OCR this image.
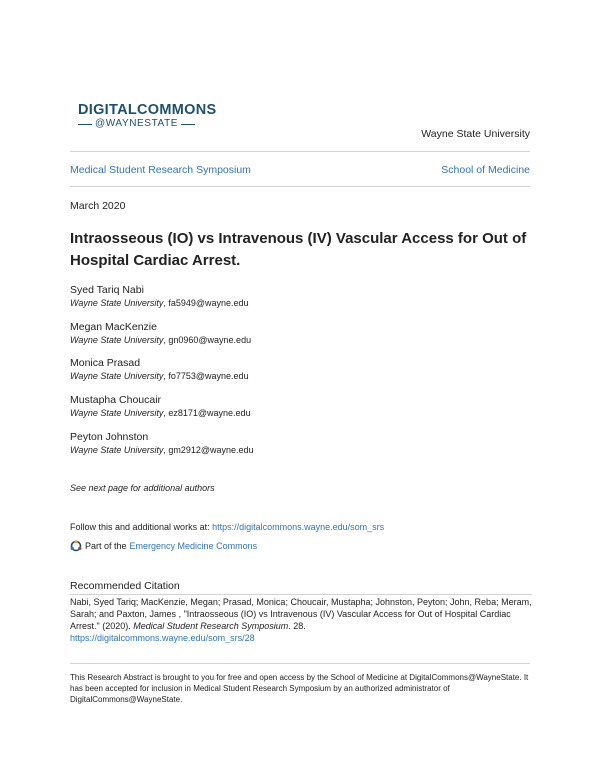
DIGITALCOMMONS
@WAYNESTATE
Wayne State University
Medical Student Research Symposium	School of Medicine
March 2020
Intraosseous (IO) vs Intravenous (IV) Vascular Access for Out of Hospital Cardiac Arrest.
Syed Tariq Nabi
Wayne State University, fa5949@wayne.edu
Megan MacKenzie
Wayne State University, gn0960@wayne.edu
Monica Prasad
Wayne State University, fo7753@wayne.edu
Mustapha Choucair
Wayne State University, ez8171@wayne.edu
Peyton Johnston
Wayne State University, gm2912@wayne.edu
See next page for additional authors
Follow this and additional works at: https://digitalcommons.wayne.edu/som_srs
Part of the Emergency Medicine Commons
Recommended Citation
Nabi, Syed Tariq; MacKenzie, Megan; Prasad, Monica; Choucair, Mustapha; Johnston, Peyton; John, Reba; Meram, Sarah; and Paxton, James , "Intraosseous (IO) vs Intravenous (IV) Vascular Access for Out of Hospital Cardiac Arrest." (2020). Medical Student Research Symposium. 28.
https://digitalcommons.wayne.edu/som_srs/28
This Research Abstract is brought to you for free and open access by the School of Medicine at DigitalCommons@WayneState. It has been accepted for inclusion in Medical Student Research Symposium by an authorized administrator of DigitalCommons@WayneState.
